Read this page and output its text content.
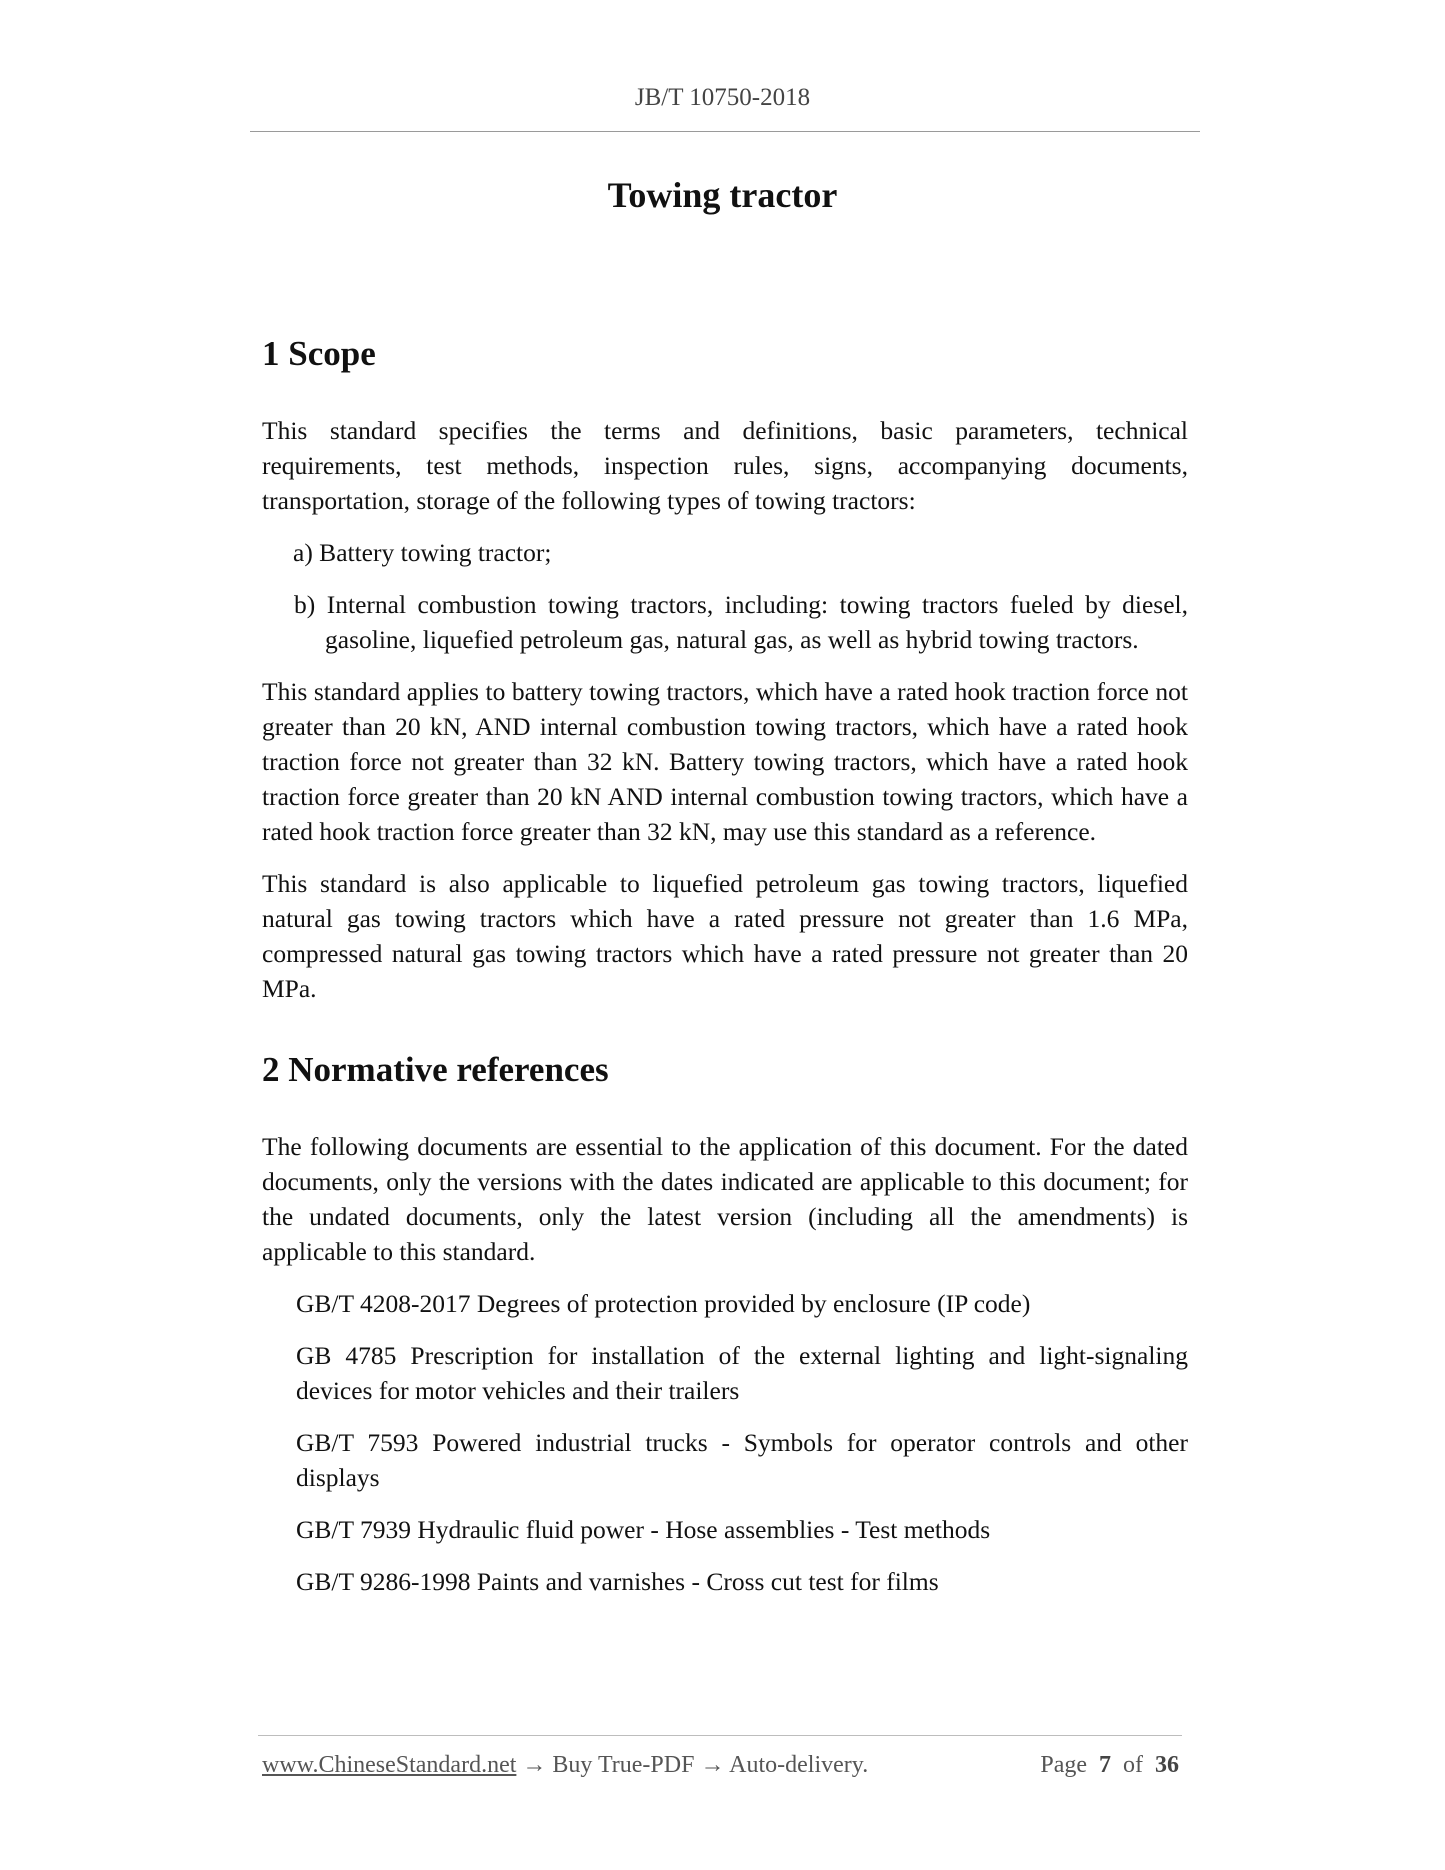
JB/T 10750-2018
Towing tractor
1 Scope

This standard specifies the terms and definitions, basic parameters, technical requirements, test methods, inspection rules, signs, accompanying documents, transportation, storage of the following types of towing tractors:

a) Battery towing tractor;

b) Internal combustion towing tractors, including: towing tractors fueled by diesel, gasoline, liquefied petroleum gas, natural gas, as well as hybrid towing tractors.

This standard applies to battery towing tractors, which have a rated hook traction force not greater than 20 kN, AND internal combustion towing tractors, which have a rated hook traction force not greater than 32 kN. Battery towing tractors, which have a rated hook traction force greater than 20 kN AND internal combustion towing tractors, which have a rated hook traction force greater than 32 kN, may use this standard as a reference.

This standard is also applicable to liquefied petroleum gas towing tractors, liquefied natural gas towing tractors which have a rated pressure not greater than 1.6 MPa, compressed natural gas towing tractors which have a rated pressure not greater than 20 MPa.

2 Normative references

The following documents are essential to the application of this document. For the dated documents, only the versions with the dates indicated are applicable to this document; for the undated documents, only the latest version (including all the amendments) is applicable to this standard.

GB/T 4208-2017 Degrees of protection provided by enclosure (IP code)

GB 4785 Prescription for installation of the external lighting and light-signaling devices for motor vehicles and their trailers

GB/T 7593 Powered industrial trucks - Symbols for operator controls and other displays

GB/T 7939 Hydraulic fluid power - Hose assemblies - Test methods

GB/T 9286-1998 Paints and varnishes - Cross cut test for films

www.ChineseStandard.net → Buy True-PDF → Auto-delivery.	Page 7 of 36
